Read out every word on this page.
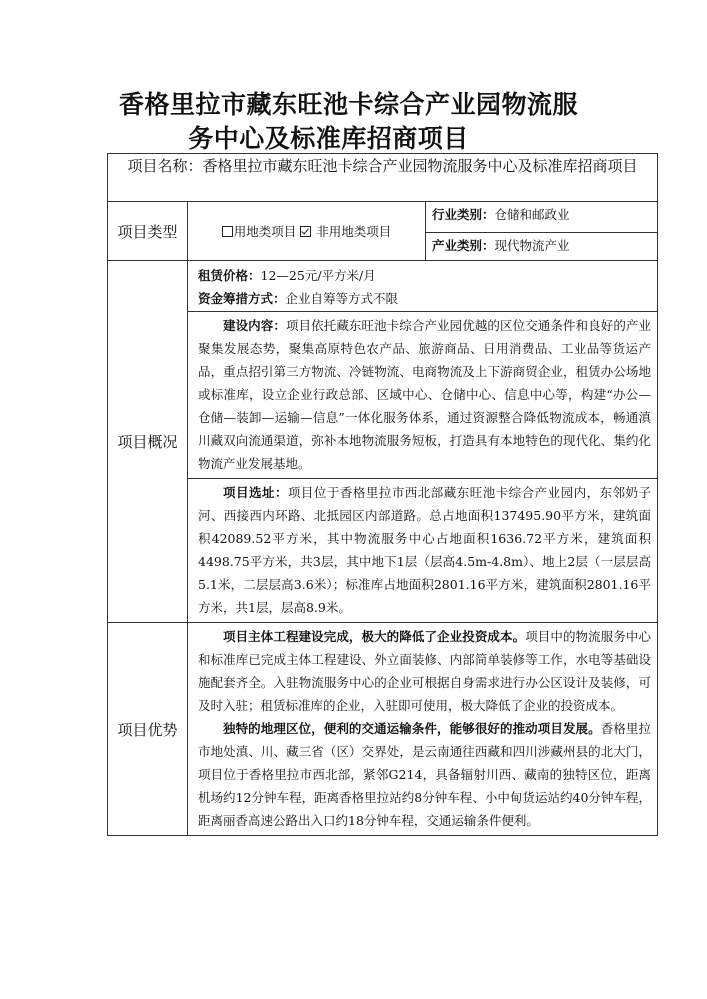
香格里拉市藏东旺池卡综合产业园物流服
务中心及标准库招商项目
项目名称：香格里拉市藏东旺池卡综合产业园物流服务中心及标准库招商项目		
项目类型	用地类项目 非用地类项目	行业类别：仓储和邮政业
		产业类别：现代物流产业
项目概况	租赁价格：12—25元/平方米/月
资金筹措方式：企业自筹等方式不限	

	建设内容：项目依托藏东旺池卡综合产业园优越的区位交通条件和良好的产业聚集发展态势，聚集高原特色农产品、旅游商品、日用消费品、工业品等货运产品，重点招引第三方物流、冷链物流、电商物流及上下游商贸企业，租赁办公场地或标准库，设立企业行政总部、区域中心、仓储中心、信息中心等，构建“办公—仓储—装卸—运输—信息”一体化服务体系，通过资源整合降低物流成本，畅通滇川藏双向流通渠道，弥补本地物流服务短板，打造具有本地特色的现代化、集约化物流产业发展基地。	

	项目选址：项目位于香格里拉市西北部藏东旺池卡综合产业园内，东邻奶子河、西接西内环路、北抵园区内部道路。总占地面积137495.90平方米，建筑面积42089.52平方米，其中物流服务中心占地面积1636.72平方米，建筑面积4498.75平方米，共3层，其中地下1层（层高4.5m-4.8m）、地上2层（一层层高5.1米，二层层高3.6米）；标准库占地面积2801.16平方米，建筑面积2801.16平方米，共1层，层高8.9米。	

项目优势	项目主体工程建设完成，极大的降低了企业投资成本。项目中的物流服务中心和标准库已完成主体工程建设、外立面装修、内部简单装修等工作，水电等基础设施配套齐全。入驻物流服务中心的企业可根据自身需求进行办公区设计及装修，可及时入驻；租赁标准库的企业，入驻即可使用，极大降低了企业的投资成本。

独特的地理区位，便利的交通运输条件，能够很好的推动项目发展。香格里拉市地处滇、川、藏三省（区）交界处，是云南通往西藏和四川涉藏州县的北大门，项目位于香格里拉市西北部，紧邻G214，具备辐射川西、藏南的独特区位，距离机场约12分钟车程，距离香格里拉站约8分钟车程、小中甸货运站约40分钟车程，距离丽香高速公路出入口约18分钟车程，交通运输条件便利。	
